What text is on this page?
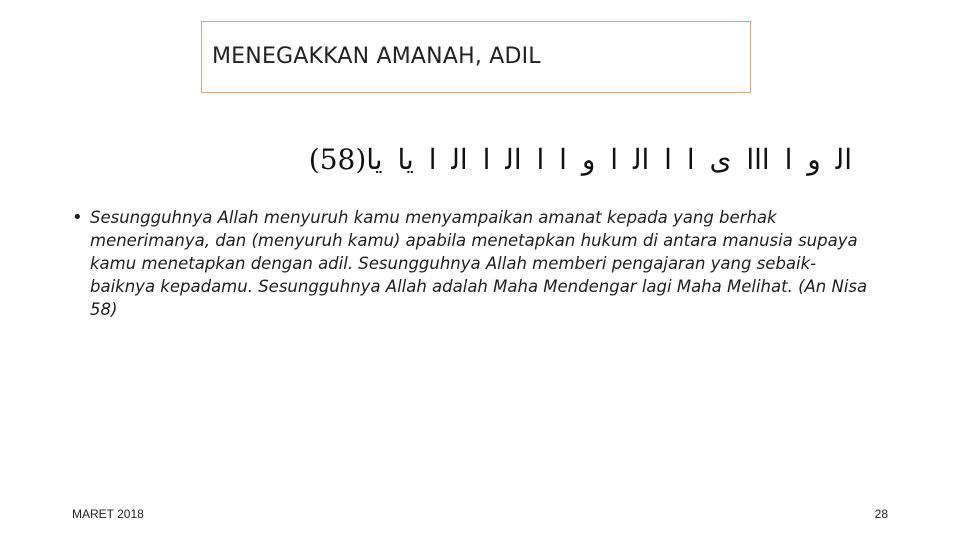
MENEGAKKAN AMANAH, ADIL
ﺍﻟ ﻭ ﺍ ﺍﺍﺍ ﻯ ﺍ ﺍ ﺍﻟ ﺍ ﻭ ﺍ ﺍ ﺍﻟ ﺍ ﺍﻟ ﺍ ﻳﺎ ﻳﺎ(58)
• Sesungguhnya Allah menyuruh kamu menyampaikan amanat kepada yang berhak menerimanya, dan (menyuruh kamu) apabila menetapkan hukum di antara manusia supaya kamu menetapkan dengan adil. Sesungguhnya Allah memberi pengajaran yang sebaik-baiknya kepadamu. Sesungguhnya Allah adalah Maha Mendengar lagi Maha Melihat. (An Nisa 58)
MARET 2018	28
